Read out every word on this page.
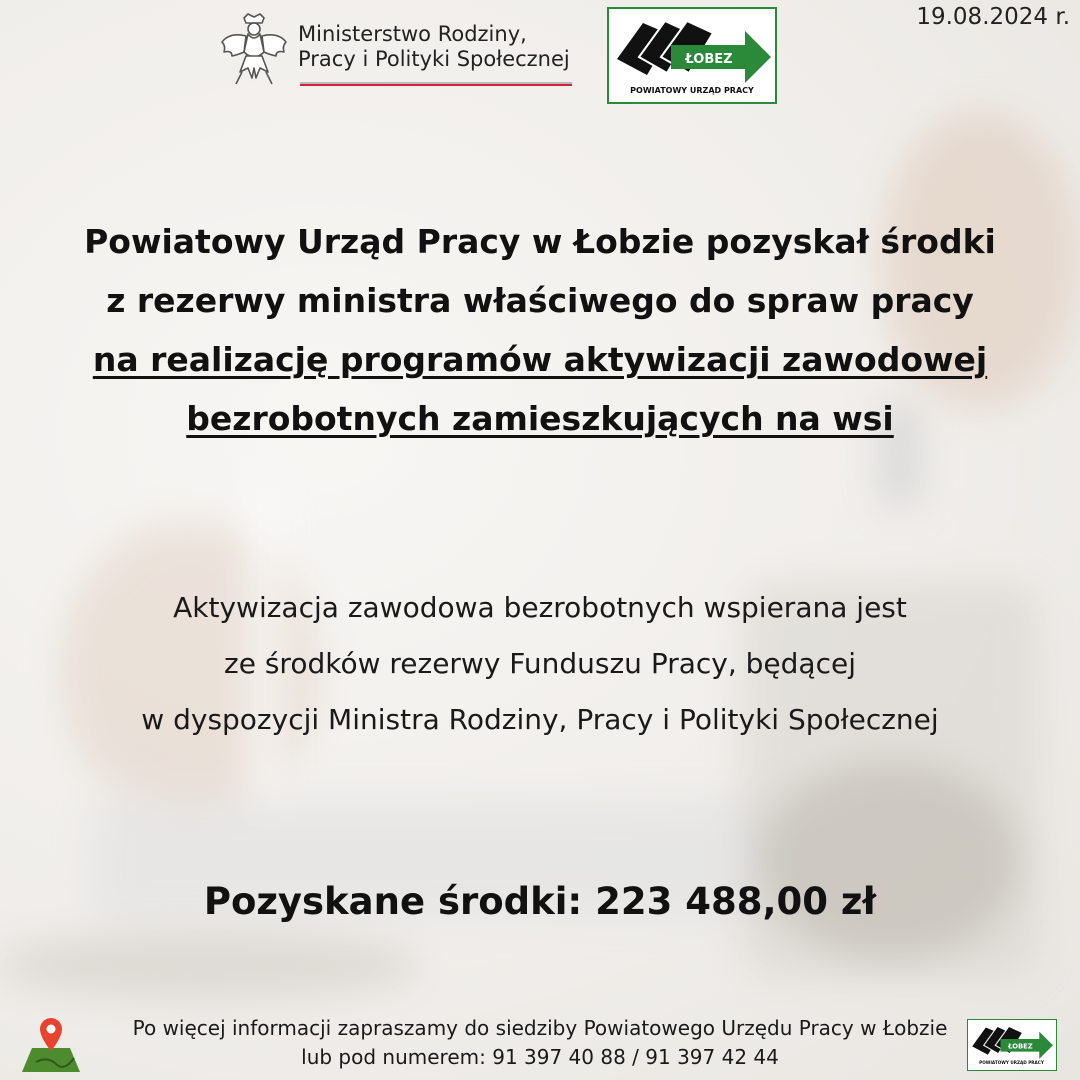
19.08.2024 r.
Ministerstwo Rodziny,
Pracy i Polityki Społecznej	ŁOBEZ
POWIATOWY URZĄD PRACY
Powiatowy Urząd Pracy w Łobzie pozyskał środki
z rezerwy ministra właściwego do spraw pracy
na realizację programów aktywizacji zawodowej
bezrobotnych zamieszkujących na wsi
Aktywizacja zawodowa bezrobotnych wspierana jest
ze środków rezerwy Funduszu Pracy, będącej
w dyspozycji Ministra Rodziny, Pracy i Polityki Społecznej
Pozyskane środki: 223 488,00 zł
Po więcej informacji zapraszamy do siedziby Powiatowego Urzędu Pracy w Łobzie
lub pod numerem: 91 397 40 88 / 91 397 42 44	ŁOBEZ
POWIATOWY URZĄD PRACY
